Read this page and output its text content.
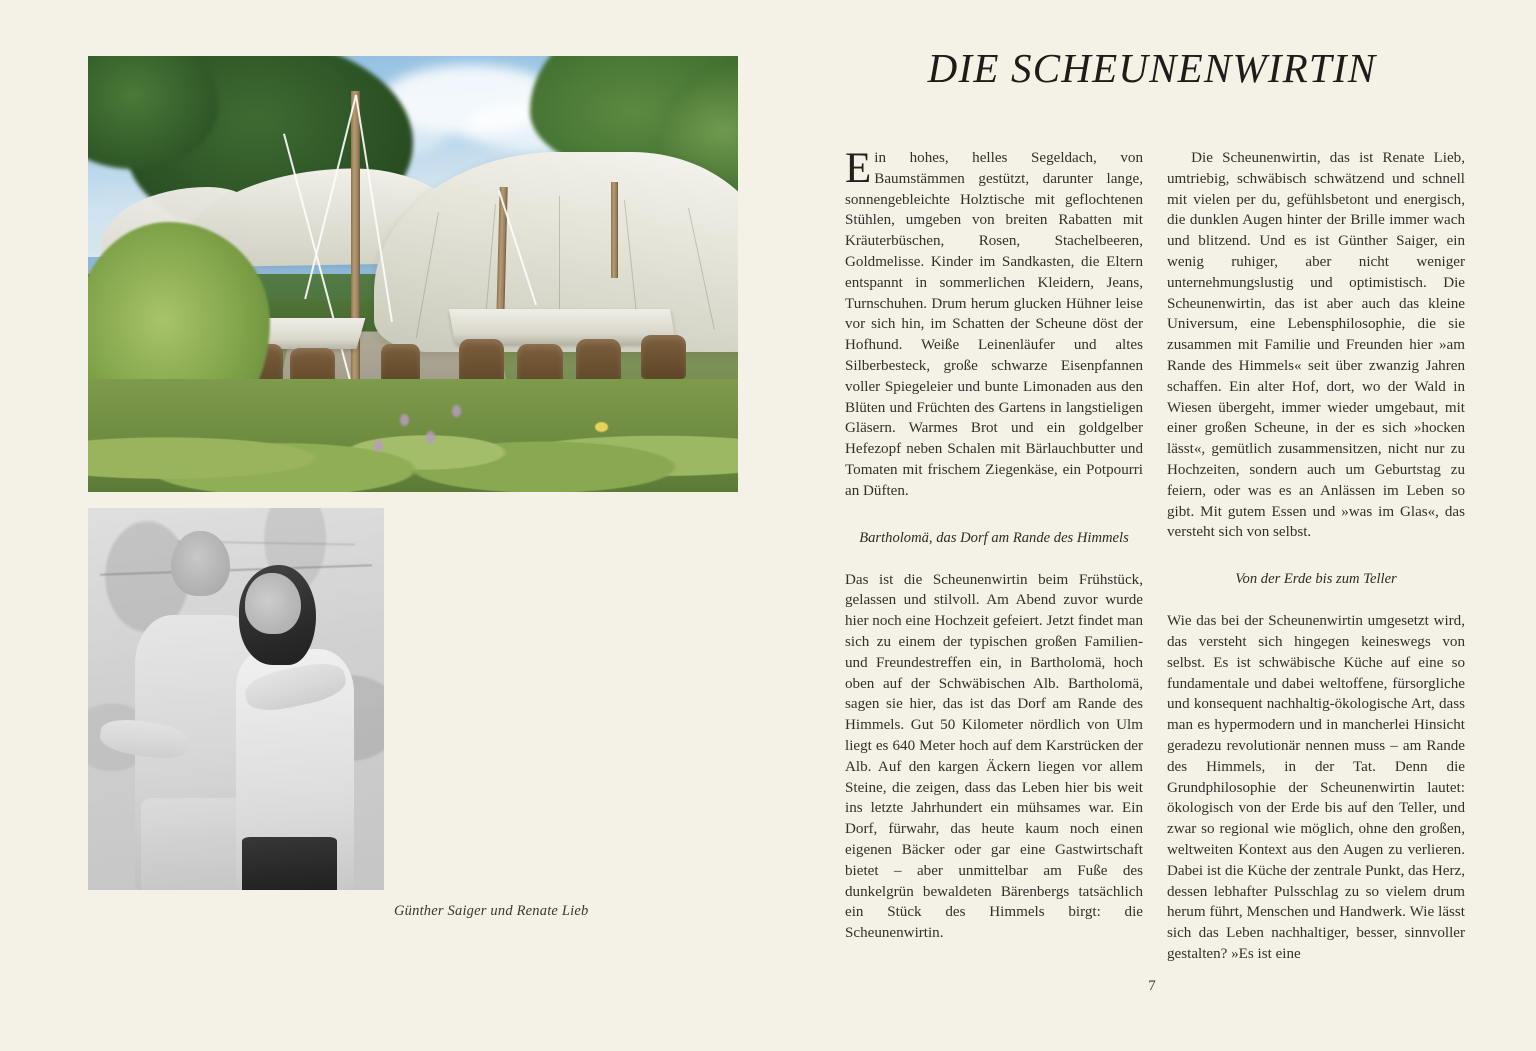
Günther Saiger und Renate Lieb
DIE SCHEUNENWIRTIN

Ein hohes, helles Segeldach, von Baumstämmen gestützt, darunter lange, sonnengebleichte Holztische mit geflochtenen Stühlen, umgeben von breiten Rabatten mit Kräuterbüschen, Rosen, Stachelbeeren, Goldmelisse. Kinder im Sandkasten, die Eltern entspannt in sommerlichen Kleidern, Jeans, Turnschuhen. Drum herum glucken Hühner leise vor sich hin, im Schatten der Scheune döst der Hofhund. Weiße Leinenläufer und altes Silberbesteck, große schwarze Eisenpfannen voller Spiegeleier und bunte Limonaden aus den Blüten und Früchten des Gartens in langstieligen Gläsern. Warmes Brot und ein goldgelber Hefezopf neben Schalen mit Bärlauchbutter und Tomaten mit frischem Ziegenkäse, ein Potpourri an Düften.

Bartholomä, das Dorf am Rande des Himmels

Das ist die Scheunenwirtin beim Frühstück, gelassen und stilvoll. Am Abend zuvor wurde hier noch eine Hochzeit gefeiert. Jetzt findet man sich zu einem der typischen großen Familien- und Freundestreffen ein, in Bartholomä, hoch oben auf der Schwäbischen Alb. Bartholomä, sagen sie hier, das ist das Dorf am Rande des Himmels. Gut 50 Kilometer nördlich von Ulm liegt es 640 Meter hoch auf dem Karstrücken der Alb. Auf den kargen Äckern liegen vor allem Steine, die zeigen, dass das Leben hier bis weit ins letzte Jahrhundert ein mühsames war. Ein Dorf, fürwahr, das heute kaum noch einen eigenen Bäcker oder gar eine Gastwirtschaft bietet – aber unmittelbar am Fuße des dunkelgrün bewaldeten Bärenbergs tatsächlich ein Stück des Himmels birgt: die Scheunenwirtin.

Die Scheunenwirtin, das ist Renate Lieb, umtriebig, schwäbisch schwätzend und schnell mit vielen per du, gefühlsbetont und energisch, die dunklen Augen hinter der Brille immer wach und blitzend. Und es ist Günther Saiger, ein wenig ruhiger, aber nicht weniger unternehmungslustig und optimistisch. Die Scheunenwirtin, das ist aber auch das kleine Universum, eine Lebensphilosophie, die sie zusammen mit Familie und Freunden hier »am Rande des Himmels« seit über zwanzig Jahren schaffen. Ein alter Hof, dort, wo der Wald in Wiesen übergeht, immer wieder umgebaut, mit einer großen Scheune, in der es sich »hocken lässt«, gemütlich zusammensitzen, nicht nur zu Hochzeiten, sondern auch um Geburtstag zu feiern, oder was es an Anlässen im Leben so gibt. Mit gutem Essen und »was im Glas«, das versteht sich von selbst.

Von der Erde bis zum Teller

Wie das bei der Scheunenwirtin umgesetzt wird, das versteht sich hingegen keineswegs von selbst. Es ist schwäbische Küche auf eine so fundamentale und dabei weltoffene, fürsorgliche und konsequent nachhaltig-ökologische Art, dass man es hypermodern und in mancherlei Hinsicht geradezu revolutionär nennen muss – am Rande des Himmels, in der Tat. Denn die Grundphilosophie der Scheunenwirtin lautet: ökologisch von der Erde bis auf den Teller, und zwar so regional wie möglich, ohne den großen, weltweiten Kontext aus den Augen zu verlieren. Dabei ist die Küche der zentrale Punkt, das Herz, dessen lebhafter Pulsschlag zu so vielem drum herum führt, Menschen und Handwerk. Wie lässt sich das Leben nachhaltiger, besser, sinnvoller gestalten? »Es ist eine

7
